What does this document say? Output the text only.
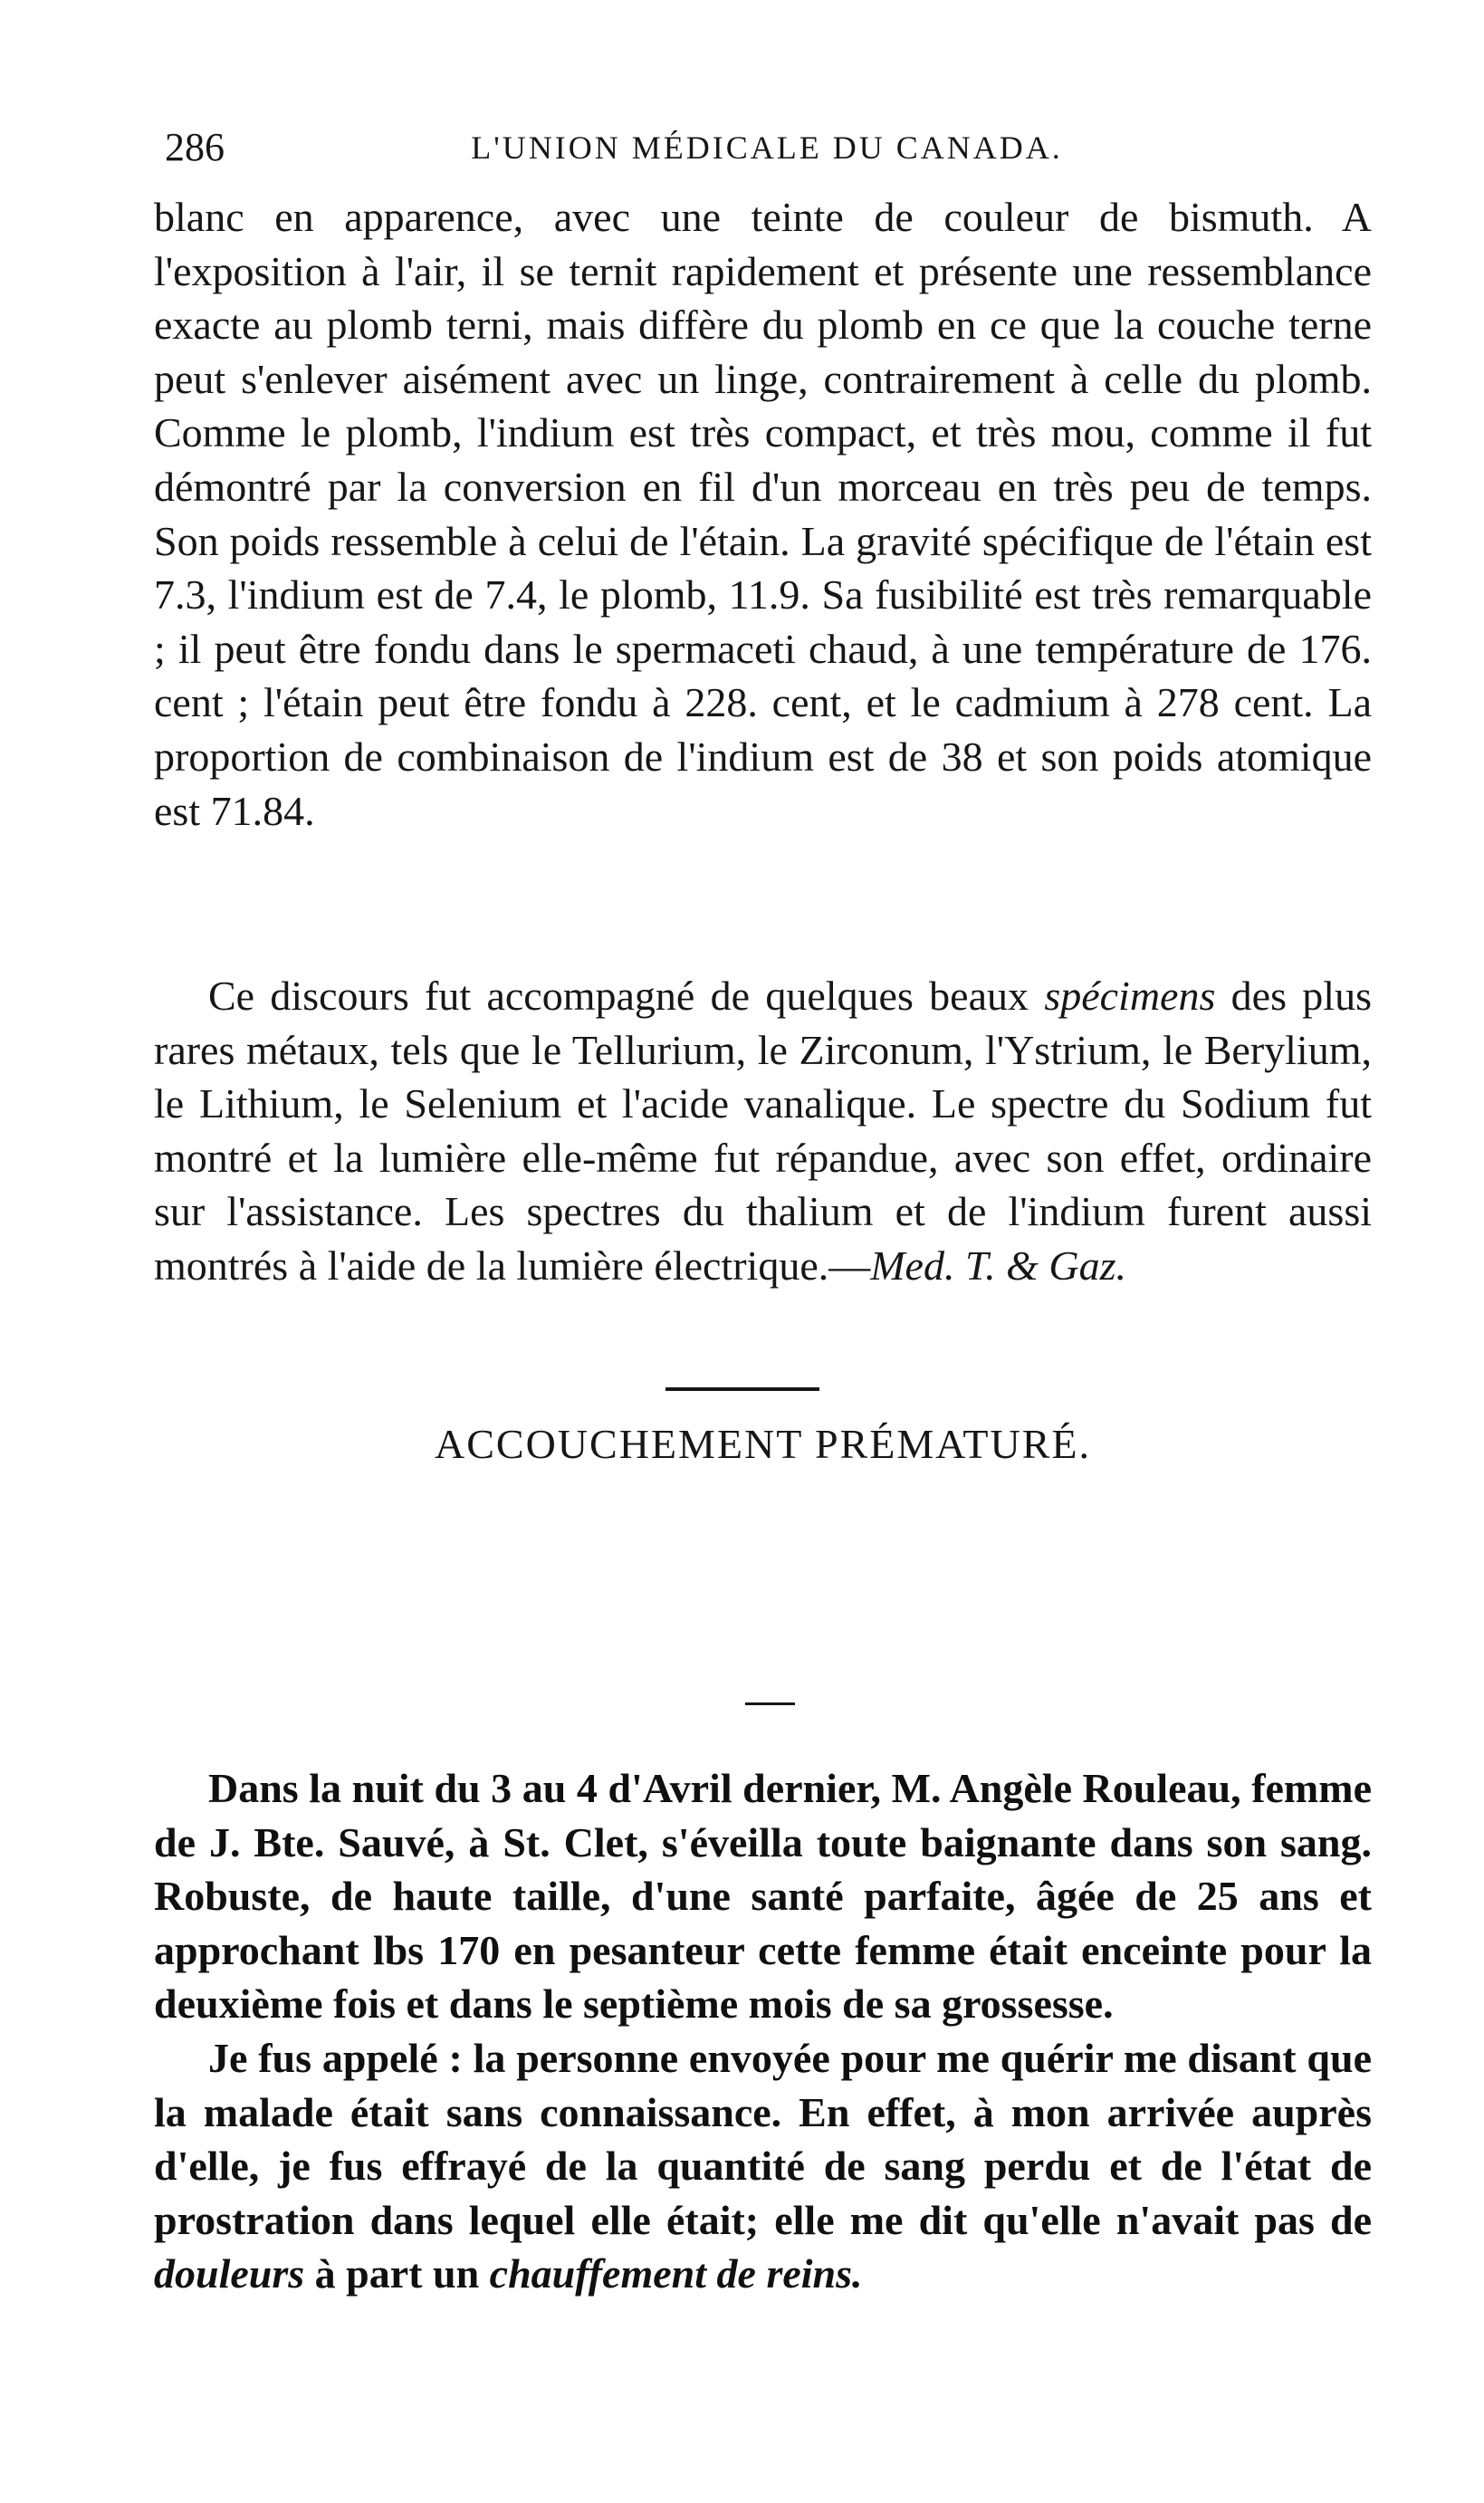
286	L'UNION MÉDICALE DU CANADA.

blanc en apparence, avec une teinte de couleur de bismuth. A l'exposition à l'air, il se ternit rapidement et présente une ressemblance exacte au plomb terni, mais diffère du plomb en ce que la couche terne peut s'enlever aisément avec un linge, contrairement à celle du plomb. Comme le plomb, l'indium est très compact, et très mou, comme il fut démontré par la conversion en fil d'un morceau en très peu de temps. Son poids ressemble à celui de l'étain. La gravité spécifique de l'étain est 7.3, l'indium est de 7.4, le plomb, 11.9. Sa fusibilité est très remarquable ; il peut être fondu dans le spermaceti chaud, à une température de 176. cent ; l'étain peut être fondu à 228. cent, et le cadmium à 278 cent. La proportion de combinaison de l'indium est de 38 et son poids atomique est 71.84.

Ce discours fut accompagné de quelques beaux spécimens des plus rares métaux, tels que le Tellurium, le Zirconum, l'Ystrium, le Berylium, le Lithium, le Selenium et l'acide vanalique. Le spectre du Sodium fut montré et la lumière elle-même fut répandue, avec son effet, ordinaire sur l'assistance. Les spectres du thalium et de l'indium furent aussi montrés à l'aide de la lumière électrique.—Med. T. & Gaz.

ACCOUCHEMENT PRÉMATURÉ.

Dans la nuit du 3 au 4 d'Avril dernier, M. Angèle Rouleau, femme de J. Bte. Sauvé, à St. Clet, s'éveilla toute baignante dans son sang. Robuste, de haute taille, d'une santé parfaite, âgée de 25 ans et approchant lbs 170 en pesanteur cette femme était enceinte pour la deuxième fois et dans le septième mois de sa grossesse.

Je fus appelé : la personne envoyée pour me quérir me disant que la malade était sans connaissance. En effet, à mon arrivée auprès d'elle, je fus effrayé de la quantité de sang perdu et de l'état de prostration dans lequel elle était; elle me dit qu'elle n'avait pas de douleurs à part un chauffement de reins.
